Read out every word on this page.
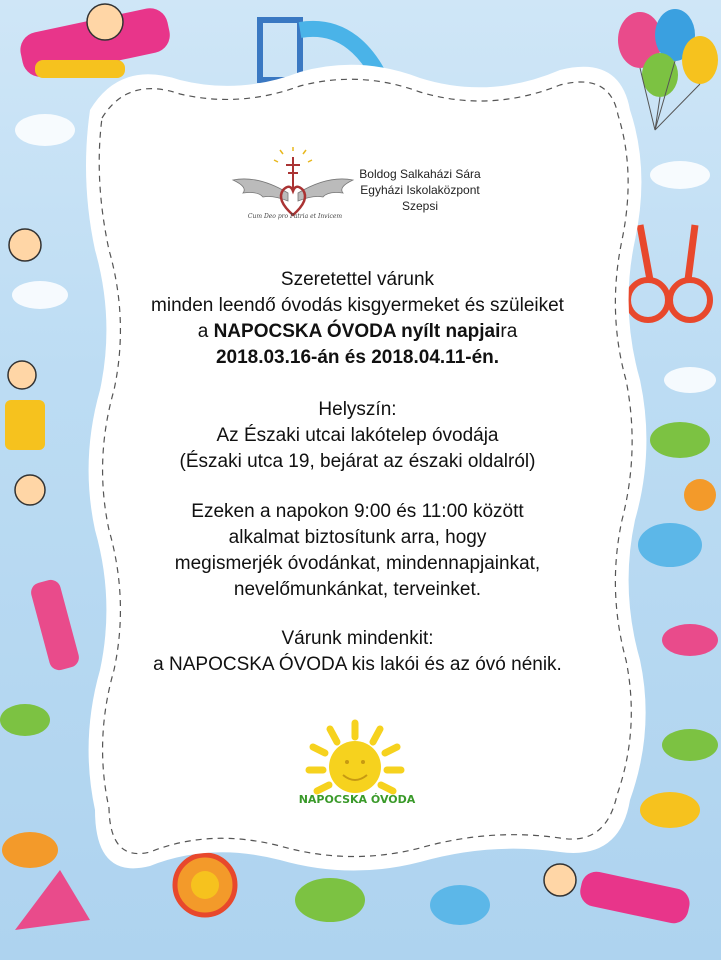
Cum Deo pro Patria et Invicem
Boldog Salkaházi Sára
Egyházi Iskolaközpont
Szepsi
Szeretettel várunk
minden leendő óvodás kisgyermeket és szüleiket
a NAPOCSKA ÓVODA nyílt napjaira
2018.03.16-án és 2018.04.11-én.
Helyszín:
Az Északi utcai lakótelep óvodája
(Északi utca 19, bejárat az északi oldalról)
Ezeken a napokon 9:00 és 11:00 között
alkalmat biztosítunk arra, hogy
megismerjék óvodánkat, mindennapjainkat,
nevelőmunkánkat, terveinket.
Várunk mindenkit:
a NAPOCSKA ÓVODA kis lakói és az óvó nénik.
NAPOCSKA ÓVODA
